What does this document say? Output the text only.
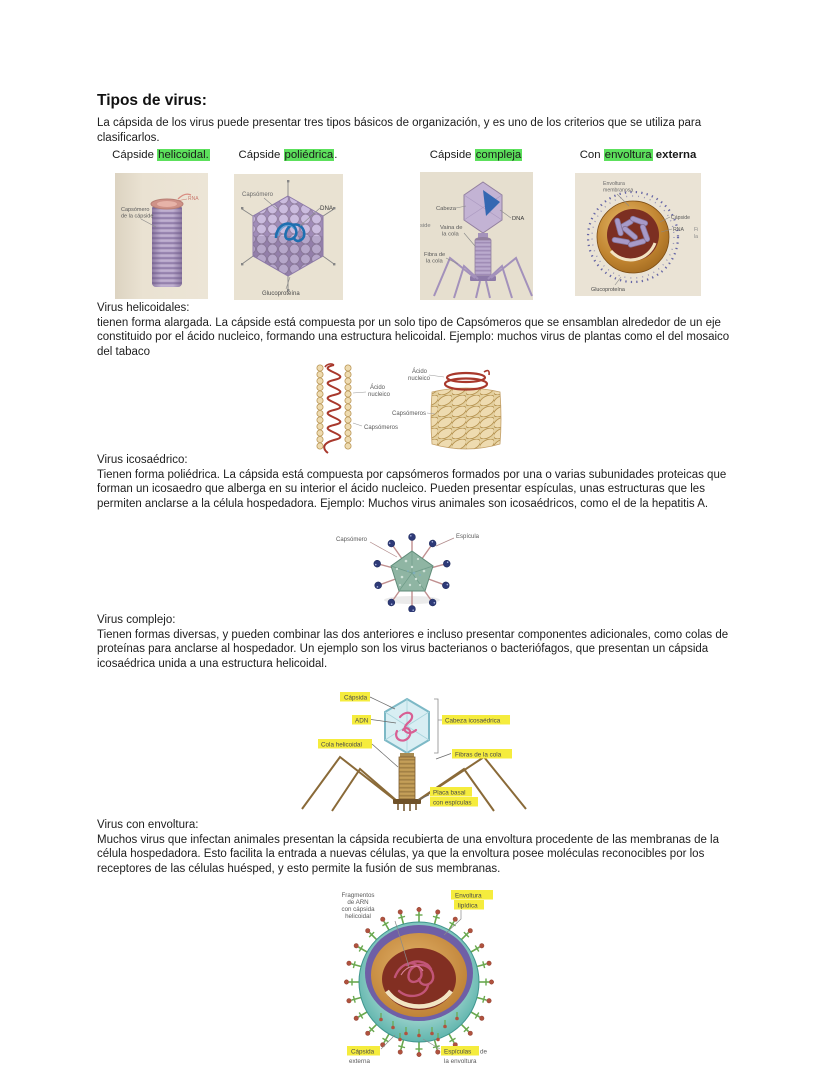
Tipos de virus:
La cápsida de los virus puede presentar tres tipos básicos de organización, y es uno de los criterios que se utiliza para clasificarlos.
Cápside helicoidal.	Cápside poliédrica.	Cápside compleja	Con envoltura externa
Capsómero
de la cápside
RNA
Capsómero
DNA
Glucoproteína
Cabeza
DNA
side Vaina de
la cola
Fibra de
la cola
Envoltura
membranosa
Cápside
RNA Fi
la
Glucoproteína
Virus helicoidales:
tienen forma alargada. La cápside está compuesta por un solo tipo de Capsómeros que se ensamblan alrededor de un eje constituido por el ácido nucleico, formando una estructura helicoidal. Ejemplo: muchos virus de plantas como el del mosaico del tabaco
Ácido
nucleico
Capsómeros
Ácido
nucleico
Capsómeros
Virus icosaédrico:
Tienen forma poliédrica. La cápsida está compuesta por capsómeros formados por una o varias subunidades proteicas que forman un icosaedro que alberga en su interior el ácido nucleico. Pueden presentar espículas, unas estructuras que les permiten anclarse a la célula hospedadora. Ejemplo: Muchos virus animales son icosaédricos, como el de la hepatitis A.
Capsómero	Espícula
Virus complejo:
Tienen formas diversas, y pueden combinar las dos anteriores e incluso presentar componentes adicionales, como colas de proteínas para anclarse al hospedador. Un ejemplo son los virus bacterianos o bacteriófagos, que presentan un cápsida icosaédrica unida a una estructura helicoidal.
Cápsida
ADN
Cola helicoidal
Cabeza icosaédrica
Fibras de la cola
Placa basal
con espículas
Virus con envoltura:
Muchos virus que infectan animales presentan la cápsida recubierta de una envoltura procedente de las membranas de la célula hospedadora. Esto facilita la entrada a nuevas células, ya que la envoltura posee moléculas reconocibles por los receptores de las células huésped, y esto permite la fusión de sus membranas.
Fragmentos
de ARN
con cápsida
helicoidal
Envoltura
lipídica
Cápsida
externa
Espículas de
la envoltura
